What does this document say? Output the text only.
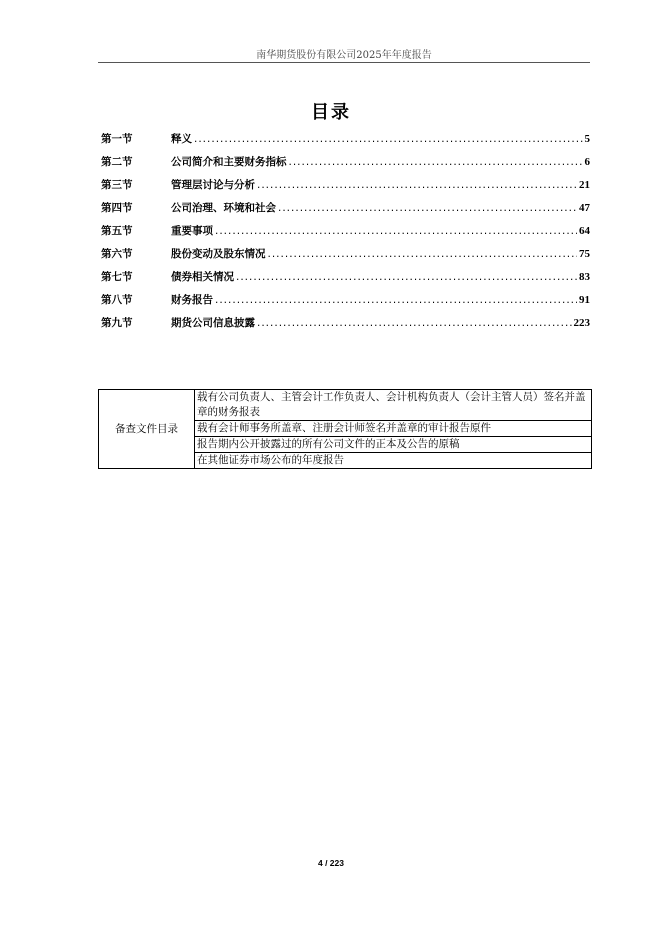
南华期货股份有限公司2025年年度报告
目录
第一节	释义 .....	5
第二节	公司简介和主要财务指标 .....	6
第三节	管理层讨论与分析 .....	21
第四节	公司治理、环境和社会 .....	47
第五节	重要事项 .....	64
第六节	股份变动及股东情况 .....	75
第七节	债券相关情况 .....	83
第八节	财务报告 .....	91
第九节	期货公司信息披露 .....	223
备查文件目录	载有公司负责人、主管会计工作负责人、会计机构负责人（会计主管人员）签名并盖章的财务报表
载有会计师事务所盖章、注册会计师签名并盖章的审计报告原件
报告期内公开披露过的所有公司文件的正本及公告的原稿
在其他证券市场公布的年度报告
4 / 223
